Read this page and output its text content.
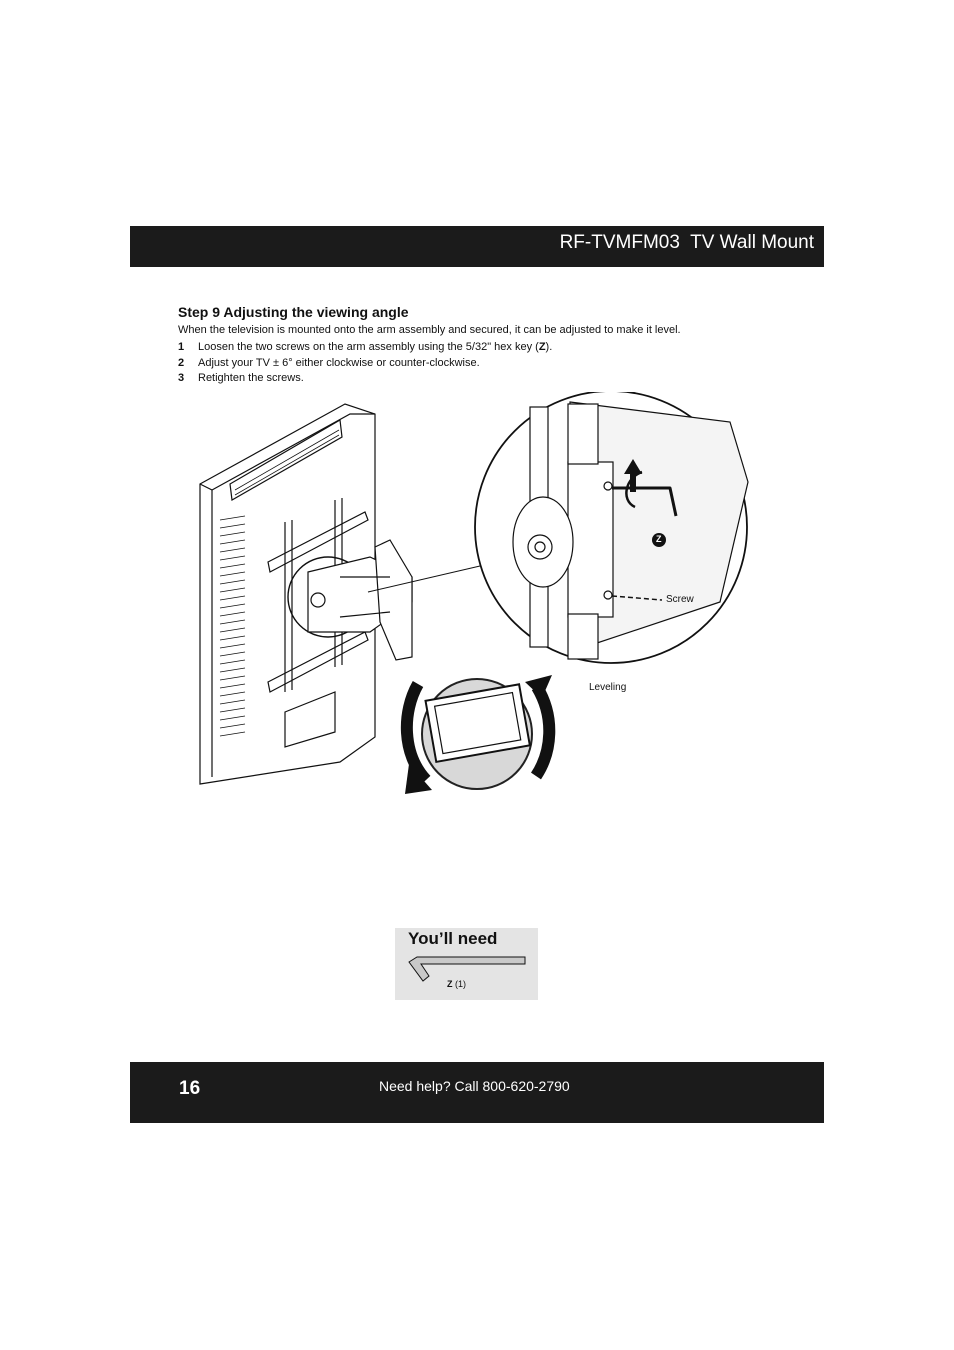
RF-TVMFM03  TV Wall Mount
Step 9 Adjusting the viewing angle
When the television is mounted onto the arm assembly and secured, it can be adjusted to make it level.
1 Loosen the two screws on the arm assembly using the 5/32" hex key (Z).
2 Adjust your TV ± 6° either clockwise or counter-clockwise.
3 Retighten the screws.
Z
Screw
Leveling
You’ll need
Z (1)
16	Need help? Call 800-620-2790
